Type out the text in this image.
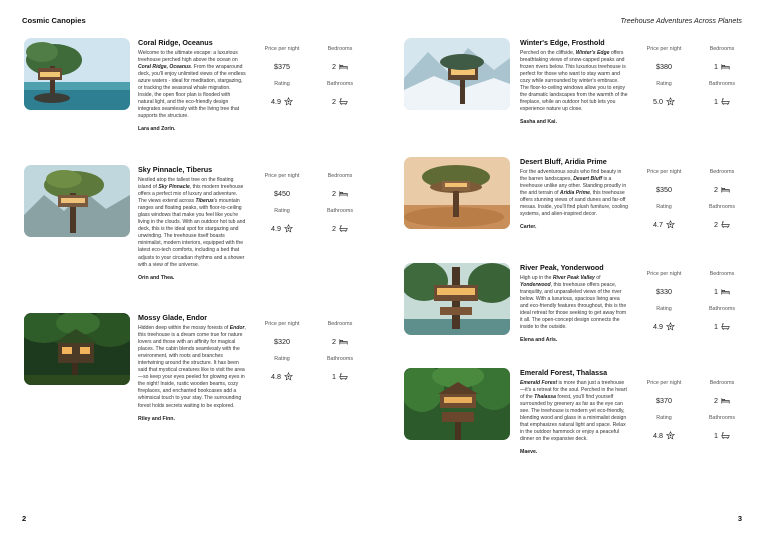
Cosmic Canopies
Coral Ridge, Oceanus
Welcome to the ultimate escape: a luxurious treehouse perched high above the ocean on Coral Ridge, Oceanus. From the wraparound deck, you'll enjoy unlimited views of the endless azure waters - ideal for meditation, stargazing, or tracking the seasonal whale migration. Inside, the open floor plan is flooded with natural light, and the eco-friendly design integrates seamlessly with the living tree that supports the structure.
Lara and Zorin.
Price per night
$375
Bedrooms
2
Rating
4.9
Bathrooms
2
Sky Pinnacle, Tiberus
Nestled atop the tallest tree on the floating island of Sky Pinnacle, this modern treehouse offers a perfect mix of luxury and adventure. The views extend across Tiberus's mountain ranges and floating peaks, with floor-to-ceiling glass windows that make you feel like you're living in the clouds. With an outdoor hot tub and deck, this is the ideal spot for stargazing and unwinding. The treehouse itself boasts minimalist, modern interiors, equipped with the latest eco-tech comforts, including a bed that adjusts to your circadian rhythms and a shower with a view of the universe.
Orin and Thea.
Price per night
$450
Bedrooms
2
Rating
4.9
Bathrooms
2
Mossy Glade, Endor
Hidden deep within the mossy forests of Endor, this treehouse is a dream come true for nature lovers and those with an affinity for magical places. The cabin blends seamlessly with the environment, with roots and branches intertwining around the structure. It has been said that mystical creatures like to visit the area—so keep your eyes peeled for glowing eyes in the night! Inside, rustic wooden beams, cozy fireplaces, and enchanted bookcases add a whimsical touch to your stay. The surrounding forest holds secrets waiting to be explored.
Riley and Finn.
Price per night
$320
Bedrooms
2
Rating
4.8
Bathrooms
1
2
Treehouse Adventures Across Planets
Winter's Edge, Frosthold
Perched on the cliffside, Winter's Edge offers breathtaking views of snow-capped peaks and frozen rivers below. This luxurious treehouse is perfect for those who want to stay warm and cozy while surrounded by winter's embrace. The floor-to-ceiling windows allow you to enjoy the dramatic landscapes from the warmth of the fireplace, while an outdoor hot tub lets you experience nature up close.
Sasha and Kai.
Price per night
$380
Bedrooms
1
Rating
5.0
Bathrooms
1
Desert Bluff, Aridia Prime
For the adventurous souls who find beauty in the barren landscapes, Desert Bluff is a treehouse unlike any other. Standing proudly in the arid terrain of Aridia Prime, this treehouse offers stunning views of sand dunes and far-off mesas. Inside, you'll find plush furniture, cooling systems, and alien-inspired decor.
Carter.
Price per night
$350
Bedrooms
2
Rating
4.7
Bathrooms
2
River Peak, Yonderwood
High up in the River Peak Valley of Yonderwood, this treehouse offers peace, tranquility, and unparalleled views of the river below. With a luxurious, spacious living area and eco-friendly features throughout, this is the ideal retreat for those seeking to get away from it all. The open-concept design connects the inside to the outside.
Elena and Aris.
Price per night
$330
Bedrooms
1
Rating
4.9
Bathrooms
1
Emerald Forest, Thalassa
Emerald Forest is more than just a treehouse—it's a retreat for the soul. Perched in the heart of the Thalassa forest, you'll find yourself surrounded by greenery as far as the eye can see. The treehouse is modern yet eco-friendly, blending wood and glass in a minimalist design that emphasizes natural light and space. Relax in the outdoor hammock or enjoy a peaceful dinner on the expansive deck.
Maeve.
Price per night
$370
Bedrooms
2
Rating
4.8
Bathrooms
1
3
